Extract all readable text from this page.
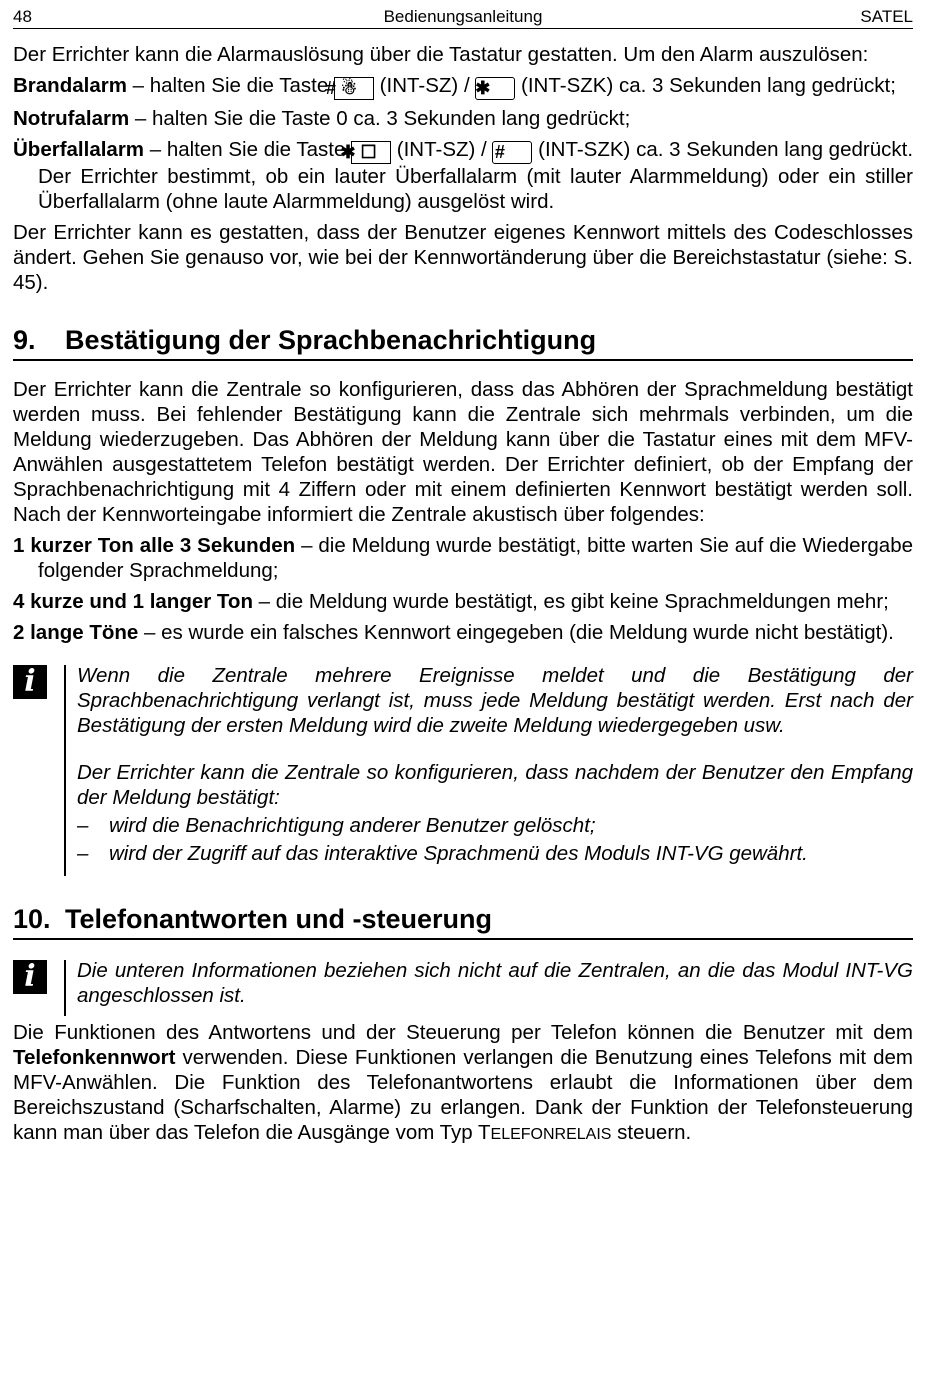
48	Bedienungsanleitung	SATEL

Der Errichter kann die Alarmauslösung über die Tastatur gestatten. Um den Alarm auszulösen:

Brandalarm – halten Sie die Taste # ☃ (INT-SZ) / ✱ (INT-SZK) ca. 3 Sekunden lang gedrückt;

Notrufalarm – halten Sie die Taste 0 ca. 3 Sekunden lang gedrückt;

Überfallalarm – halten Sie die Taste ✱ ☐ (INT-SZ) / # (INT-SZK) ca. 3 Sekunden lang gedrückt. Der Errichter bestimmt, ob ein lauter Überfallalarm (mit lauter Alarmmeldung) oder ein stiller Überfallalarm (ohne laute Alarmmeldung) ausgelöst wird.

Der Errichter kann es gestatten, dass der Benutzer eigenes Kennwort mittels des Codeschlosses ändert. Gehen Sie genauso vor, wie bei der Kennwortänderung über die Bereichstastatur (siehe: S. 45).

9. Bestätigung der Sprachbenachrichtigung

Der Errichter kann die Zentrale so konfigurieren, dass das Abhören der Sprachmeldung bestätigt werden muss. Bei fehlender Bestätigung kann die Zentrale sich mehrmals verbinden, um die Meldung wiederzugeben. Das Abhören der Meldung kann über die Tastatur eines mit dem MFV-Anwählen ausgestattetem Telefon bestätigt werden. Der Errichter definiert, ob der Empfang der Sprachbenachrichtigung mit 4 Ziffern oder mit einem definierten Kennwort bestätigt werden soll. Nach der Kennworteingabe informiert die Zentrale akustisch über folgendes:

1 kurzer Ton alle 3 Sekunden – die Meldung wurde bestätigt, bitte warten Sie auf die Wiedergabe folgender Sprachmeldung;

4 kurze und 1 langer Ton – die Meldung wurde bestätigt, es gibt keine Sprachmeldungen mehr;

2 lange Töne – es wurde ein falsches Kennwort eingegeben (die Meldung wurde nicht bestätigt).

i	Wenn die Zentrale mehrere Ereignisse meldet und die Bestätigung der Sprachbenachrichtigung verlangt ist, muss jede Meldung bestätigt werden. Erst nach der Bestätigung der ersten Meldung wird die zweite Meldung wiedergegeben usw.

Der Errichter kann die Zentrale so konfigurieren, dass nachdem der Benutzer den Empfang der Meldung bestätigt:

– wird die Benachrichtigung anderer Benutzer gelöscht;
– wird der Zugriff auf das interaktive Sprachmenü des Moduls INT-VG gewährt.
10. Telefonantworten und -steuerung
i	Die unteren Informationen beziehen sich nicht auf die Zentralen, an die das Modul INT-VG angeschlossen ist.

Die Funktionen des Antwortens und der Steuerung per Telefon können die Benutzer mit dem Telefonkennwort verwenden. Diese Funktionen verlangen die Benutzung eines Telefons mit dem MFV-Anwählen. Die Funktion des Telefonantwortens erlaubt die Informationen über dem Bereichszustand (Scharfschalten, Alarme) zu erlangen. Dank der Funktion der Telefonsteuerung kann man über das Telefon die Ausgänge vom Typ TELEFONRELAIS steuern.
